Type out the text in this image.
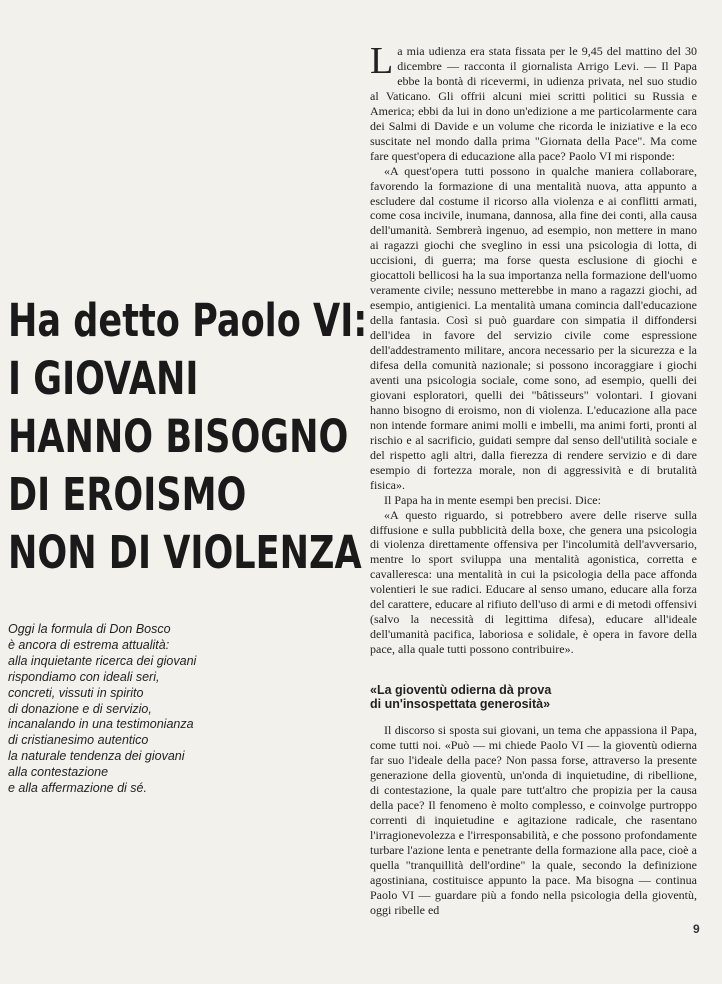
Ha detto Paolo VI:
I GIOVANI
HANNO BISOGNO
DI EROISMO
NON DI VIOLENZA
Oggi la formula di Don Bosco
è ancora di estrema attualità:
alla inquietante ricerca dei giovani
rispondiamo con ideali seri,
concreti, vissuti in spirito
di donazione e di servizio,
incanalando in una testimonianza
di cristianesimo autentico
la naturale tendenza dei giovani
alla contestazione
e alla affermazione di sé.

La mia udienza era stata fissata per le 9,45 del mattino del 30 dicembre — racconta il giornalista Arrigo Levi. — Il Papa ebbe la bontà di ricevermi, in udienza privata, nel suo studio al Vaticano. Gli offrii alcuni miei scritti politici su Russia e America; ebbi da lui in dono un'edizione a me particolarmente cara dei Salmi di Davide e un volume che ricorda le iniziative e la eco suscitate nel mondo dalla prima "Giornata della Pace". Ma come fare quest'opera di educazione alla pace? Paolo VI mi risponde:

«A quest'opera tutti possono in qualche maniera collaborare, favorendo la formazione di una mentalità nuova, atta appunto a escludere dal costume il ricorso alla violenza e ai conflitti armati, come cosa incivile, inumana, dannosa, alla fine dei conti, alla causa dell'umanità. Sembrerà ingenuo, ad esempio, non mettere in mano ai ragazzi giochi che sveglino in essi una psicologia di lotta, di uccisioni, di guerra; ma forse questa esclusione di giochi e giocattoli bellicosi ha la sua importanza nella formazione dell'uomo veramente civile; nessuno metterebbe in mano a ragazzi giochi, ad esempio, antigienici. La mentalità umana comincia dall'educazione della fantasia. Così si può guardare con simpatia il diffondersi dell'idea in favore del servizio civile come espressione dell'addestramento militare, ancora necessario per la sicurezza e la difesa della comunità nazionale; si possono incoraggiare i giochi aventi una psicologia sociale, come sono, ad esempio, quelli dei giovani esploratori, quelli dei "bâtisseurs" volontari. I giovani hanno bisogno di eroismo, non di violenza. L'educazione alla pace non intende formare animi molli e imbelli, ma animi forti, pronti al rischio e al sacrificio, guidati sempre dal senso dell'utilità sociale e del rispetto agli altri, dalla fierezza di rendere servizio e di dare esempio di fortezza morale, non di aggressività e di brutalità fisica».

Il Papa ha in mente esempi ben precisi. Dice:

«A questo riguardo, si potrebbero avere delle riserve sulla diffusione e sulla pubblicità della boxe, che genera una psicologia di violenza direttamente offensiva per l'incolumità dell'avversario, mentre lo sport sviluppa una mentalità agonistica, corretta e cavalleresca: una mentalità in cui la psicologia della pace affonda volentieri le sue radici. Educare al senso umano, educare alla forza del carattere, educare al rifiuto dell'uso di armi e di metodi offensivi (salvo la necessità di legittima difesa), educare all'ideale dell'umanità pacifica, laboriosa e solidale, è opera in favore della pace, alla quale tutti possono contribuire».

«La gioventù odierna dà prova
di un'insospettata generosità»

Il discorso si sposta sui giovani, un tema che appassiona il Papa, come tutti noi. «Può — mi chiede Paolo VI — la gioventù odierna far suo l'ideale della pace? Non passa forse, attraverso la presente generazione della gioventù, un'onda di inquietudine, di ribellione, di contestazione, la quale pare tutt'altro che propizia per la causa della pace? Il fenomeno è molto complesso, e coinvolge purtroppo correnti di inquietudine e agitazione radicale, che rasentano l'irragionevolezza e l'irresponsabilità, e che possono profondamente turbare l'azione lenta e penetrante della formazione alla pace, cioè a quella "tranquillità dell'ordine" la quale, secondo la definizione agostiniana, costituisce appunto la pace. Ma bisogna — continua Paolo VI — guardare più a fondo nella psicologia della gioventù, oggi ribelle ed

9
